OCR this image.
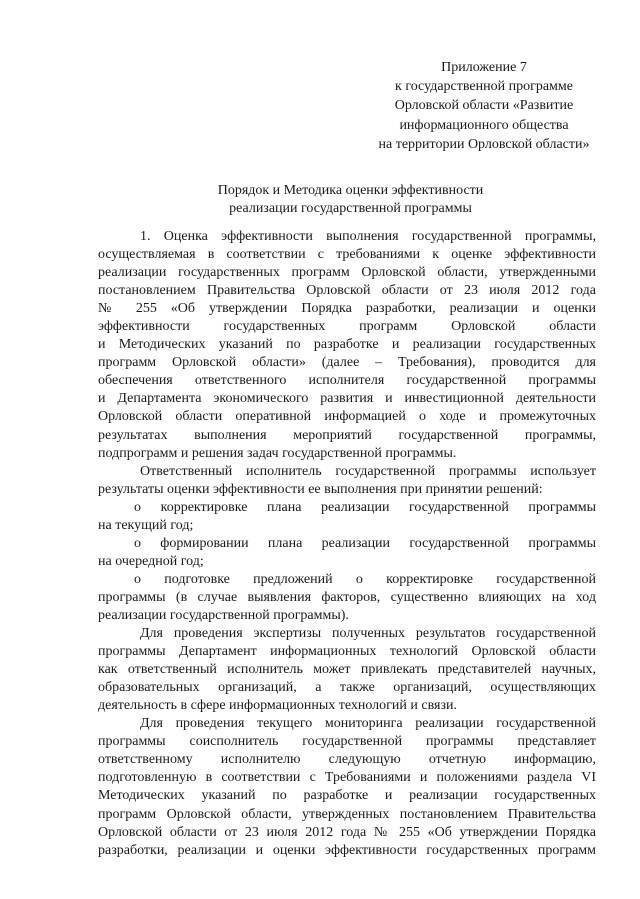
Приложение 7
к государственной программе
Орловской области «Развитие
информационного общества
на территории Орловской области»
Порядок и Методика оценки эффективности
реализации государственной программы
1. Оценка эффективности выполнения государственной программы,
осуществляемая в соответствии с требованиями к оценке эффективности
реализации государственных программ Орловской области, утвержденными
постановлением Правительства Орловской области от 23 июля 2012 года
№ 255 «Об утверждении Порядка разработки, реализации и оценки
эффективности государственных программ Орловской области
и Методических указаний по разработке и реализации государственных
программ Орловской области» (далее – Требования), проводится для
обеспечения ответственного исполнителя государственной программы
и Департамента экономического развития и инвестиционной деятельности
Орловской области оперативной информацией о ходе и промежуточных
результатах выполнения мероприятий государственной программы,
подпрограмм и решения задач государственной программы.
Ответственный исполнитель государственной программы использует
результаты оценки эффективности ее выполнения при принятии решений:
о корректировке плана реализации государственной программы
на текущий год;
о формировании плана реализации государственной программы
на очередной год;
о подготовке предложений о корректировке государственной
программы (в случае выявления факторов, существенно влияющих на ход
реализации государственной программы).
Для проведения экспертизы полученных результатов государственной
программы Департамент информационных технологий Орловской области
как ответственный исполнитель может привлекать представителей научных,
образовательных организаций, а также организаций, осуществляющих
деятельность в сфере информационных технологий и связи.
Для проведения текущего мониторинга реализации государственной
программы соисполнитель государственной программы представляет
ответственному исполнителю следующую отчетную информацию,
подготовленную в соответствии с Требованиями и положениями раздела VI
Методических указаний по разработке и реализации государственных
программ Орловской области, утвержденных постановлением Правительства
Орловской области от 23 июля 2012 года № 255 «Об утверждении Порядка
разработки, реализации и оценки эффективности государственных программ
